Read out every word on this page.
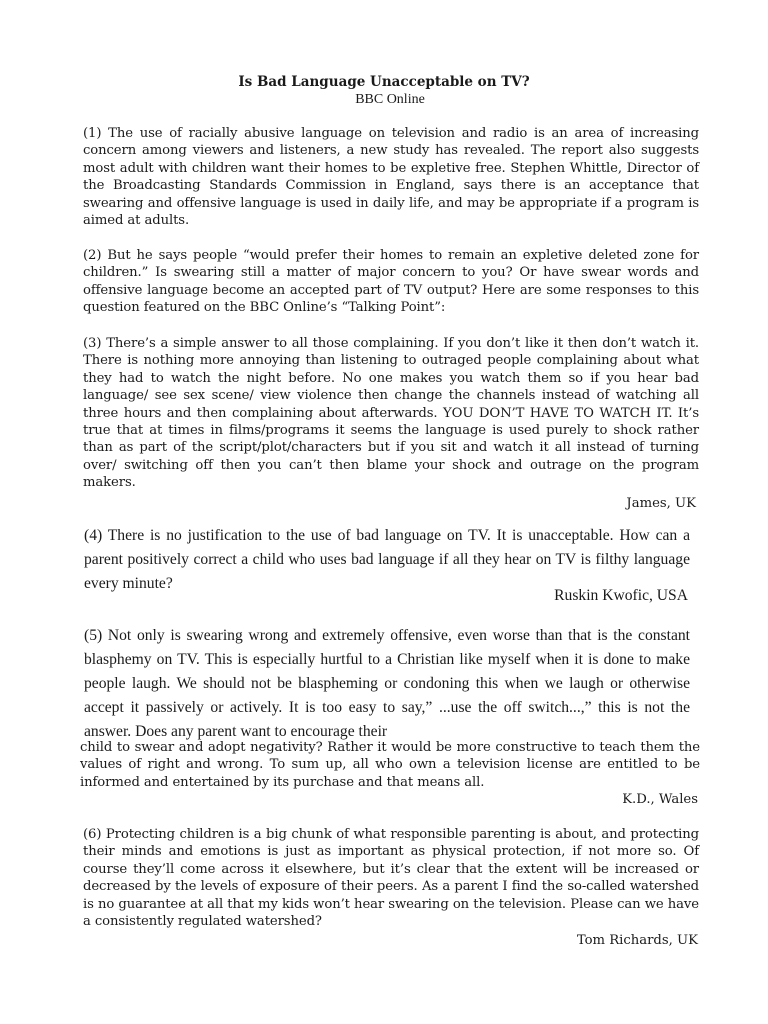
Is Bad Language Unacceptable on TV?
BBC Online

(1) The use of racially abusive language on television and radio is an area of increasing concern among viewers and listeners, a new study has revealed. The report also suggests most adult with children want their homes to be expletive free. Stephen Whittle, Director of the Broadcasting Standards Commission in England, says there is an acceptance that swearing and offensive language is used in daily life, and may be appropriate if a program is aimed at adults.

(2) But he says people “would prefer their homes to remain an expletive deleted zone for children.” Is swearing still a matter of major concern to you? Or have swear words and offensive language become an accepted part of TV output? Here are some responses to this question featured on the BBC Online’s “Talking Point”:

(3) There’s a simple answer to all those complaining. If you don’t like it then don’t watch it. There is nothing more annoying than listening to outraged people complaining about what they had to watch the night before. No one makes you watch them so if you hear bad language/ see sex scene/ view violence then change the channels instead of watching all three hours and then complaining about afterwards. YOU DON’T HAVE TO WATCH IT. It’s true that at times in films/programs it seems the language is used purely to shock rather than as part of the script/plot/characters but if you sit and watch it all instead of turning over/ switching off then you can’t then blame your shock and outrage on the program makers.

James, UK

(4) There is no justification to the use of bad language on TV. It is unacceptable. How can a parent positively correct a child who uses bad language if all they hear on TV is filthy language every minute?

Ruskin Kwofic, USA

(5) Not only is swearing wrong and extremely offensive, even worse than that is the constant blasphemy on TV. This is especially hurtful to a Christian like myself when it is done to make people laugh. We should not be blaspheming or condoning this when we laugh or otherwise accept it passively or actively. It is too easy to say,” ...use the off switch...,” this is not the answer. Does any parent want to encourage their

child to swear and adopt negativity? Rather it would be more constructive to teach them the values of right and wrong. To sum up, all who own a television license are entitled to be informed and entertained by its purchase and that means all.

K.D., Wales

(6) Protecting children is a big chunk of what responsible parenting is about, and protecting their minds and emotions is just as important as physical protection, if not more so. Of course they’ll come across it elsewhere, but it’s clear that the extent will be increased or decreased by the levels of exposure of their peers. As a parent I find the so-called watershed is no guarantee at all that my kids won’t hear swearing on the television. Please can we have a consistently regulated watershed?

Tom Richards, UK
